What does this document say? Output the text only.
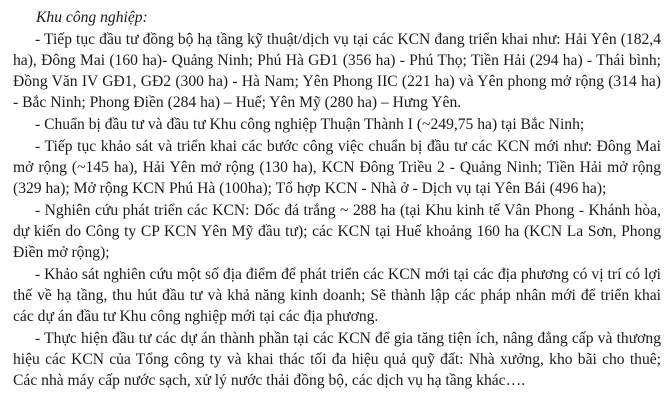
Khu công nghiệp:

- Tiếp tục đầu tư đồng bộ hạ tầng kỹ thuật/dịch vụ tại các KCN đang triển khai như: Hải Yên (182,4 ha), Đông Mai (160 ha)- Quảng Ninh; Phú Hà GĐ1 (356 ha) - Phú Thọ; Tiền Hải (294 ha) - Thái bình; Đồng Văn IV GĐ1, GĐ2 (300 ha) - Hà Nam; Yên Phong IIC (221 ha) và Yên phong mở rộng (314 ha) - Bắc Ninh; Phong Điền (284 ha) – Huế; Yên Mỹ (280 ha) – Hưng Yên.

- Chuẩn bị đầu tư và đầu tư Khu công nghiệp Thuận Thành I (~249,75 ha) tại Bắc Ninh;

- Tiếp tục khảo sát và triển khai các bước công việc chuẩn bị đầu tư các KCN mới như: Đông Mai mở rộng (~145 ha), Hải Yên mở rộng (130 ha), KCN Đông Triều 2 - Quảng Ninh; Tiền Hải mở rộng (329 ha); Mở rộng KCN Phú Hà (100ha); Tổ hợp KCN - Nhà ở - Dịch vụ tại Yên Bái (496 ha);

- Nghiên cứu phát triển các KCN: Dốc đá trắng ~ 288 ha (tại Khu kinh tế Vân Phong - Khánh hòa, dự kiến do Công ty CP KCN Yên Mỹ đầu tư); các KCN tại Huế khoảng 160 ha (KCN La Sơn, Phong Điền mở rộng);

- Khảo sát nghiên cứu một số địa điểm để phát triển các KCN mới tại các địa phương có vị trí có lợi thế về hạ tầng, thu hút đầu tư và khả năng kinh doanh; Sẽ thành lập các pháp nhân mới để triển khai các dự án đầu tư Khu công nghiệp mới tại các địa phương.

- Thực hiện đầu tư các dự án thành phần tại các KCN để gia tăng tiện ích, nâng đẳng cấp và thương hiệu các KCN của Tổng công ty và khai thác tối đa hiệu quả quỹ đất: Nhà xưởng, kho bãi cho thuê; Các nhà máy cấp nước sạch, xử lý nước thải đồng bộ, các dịch vụ hạ tầng khác….
